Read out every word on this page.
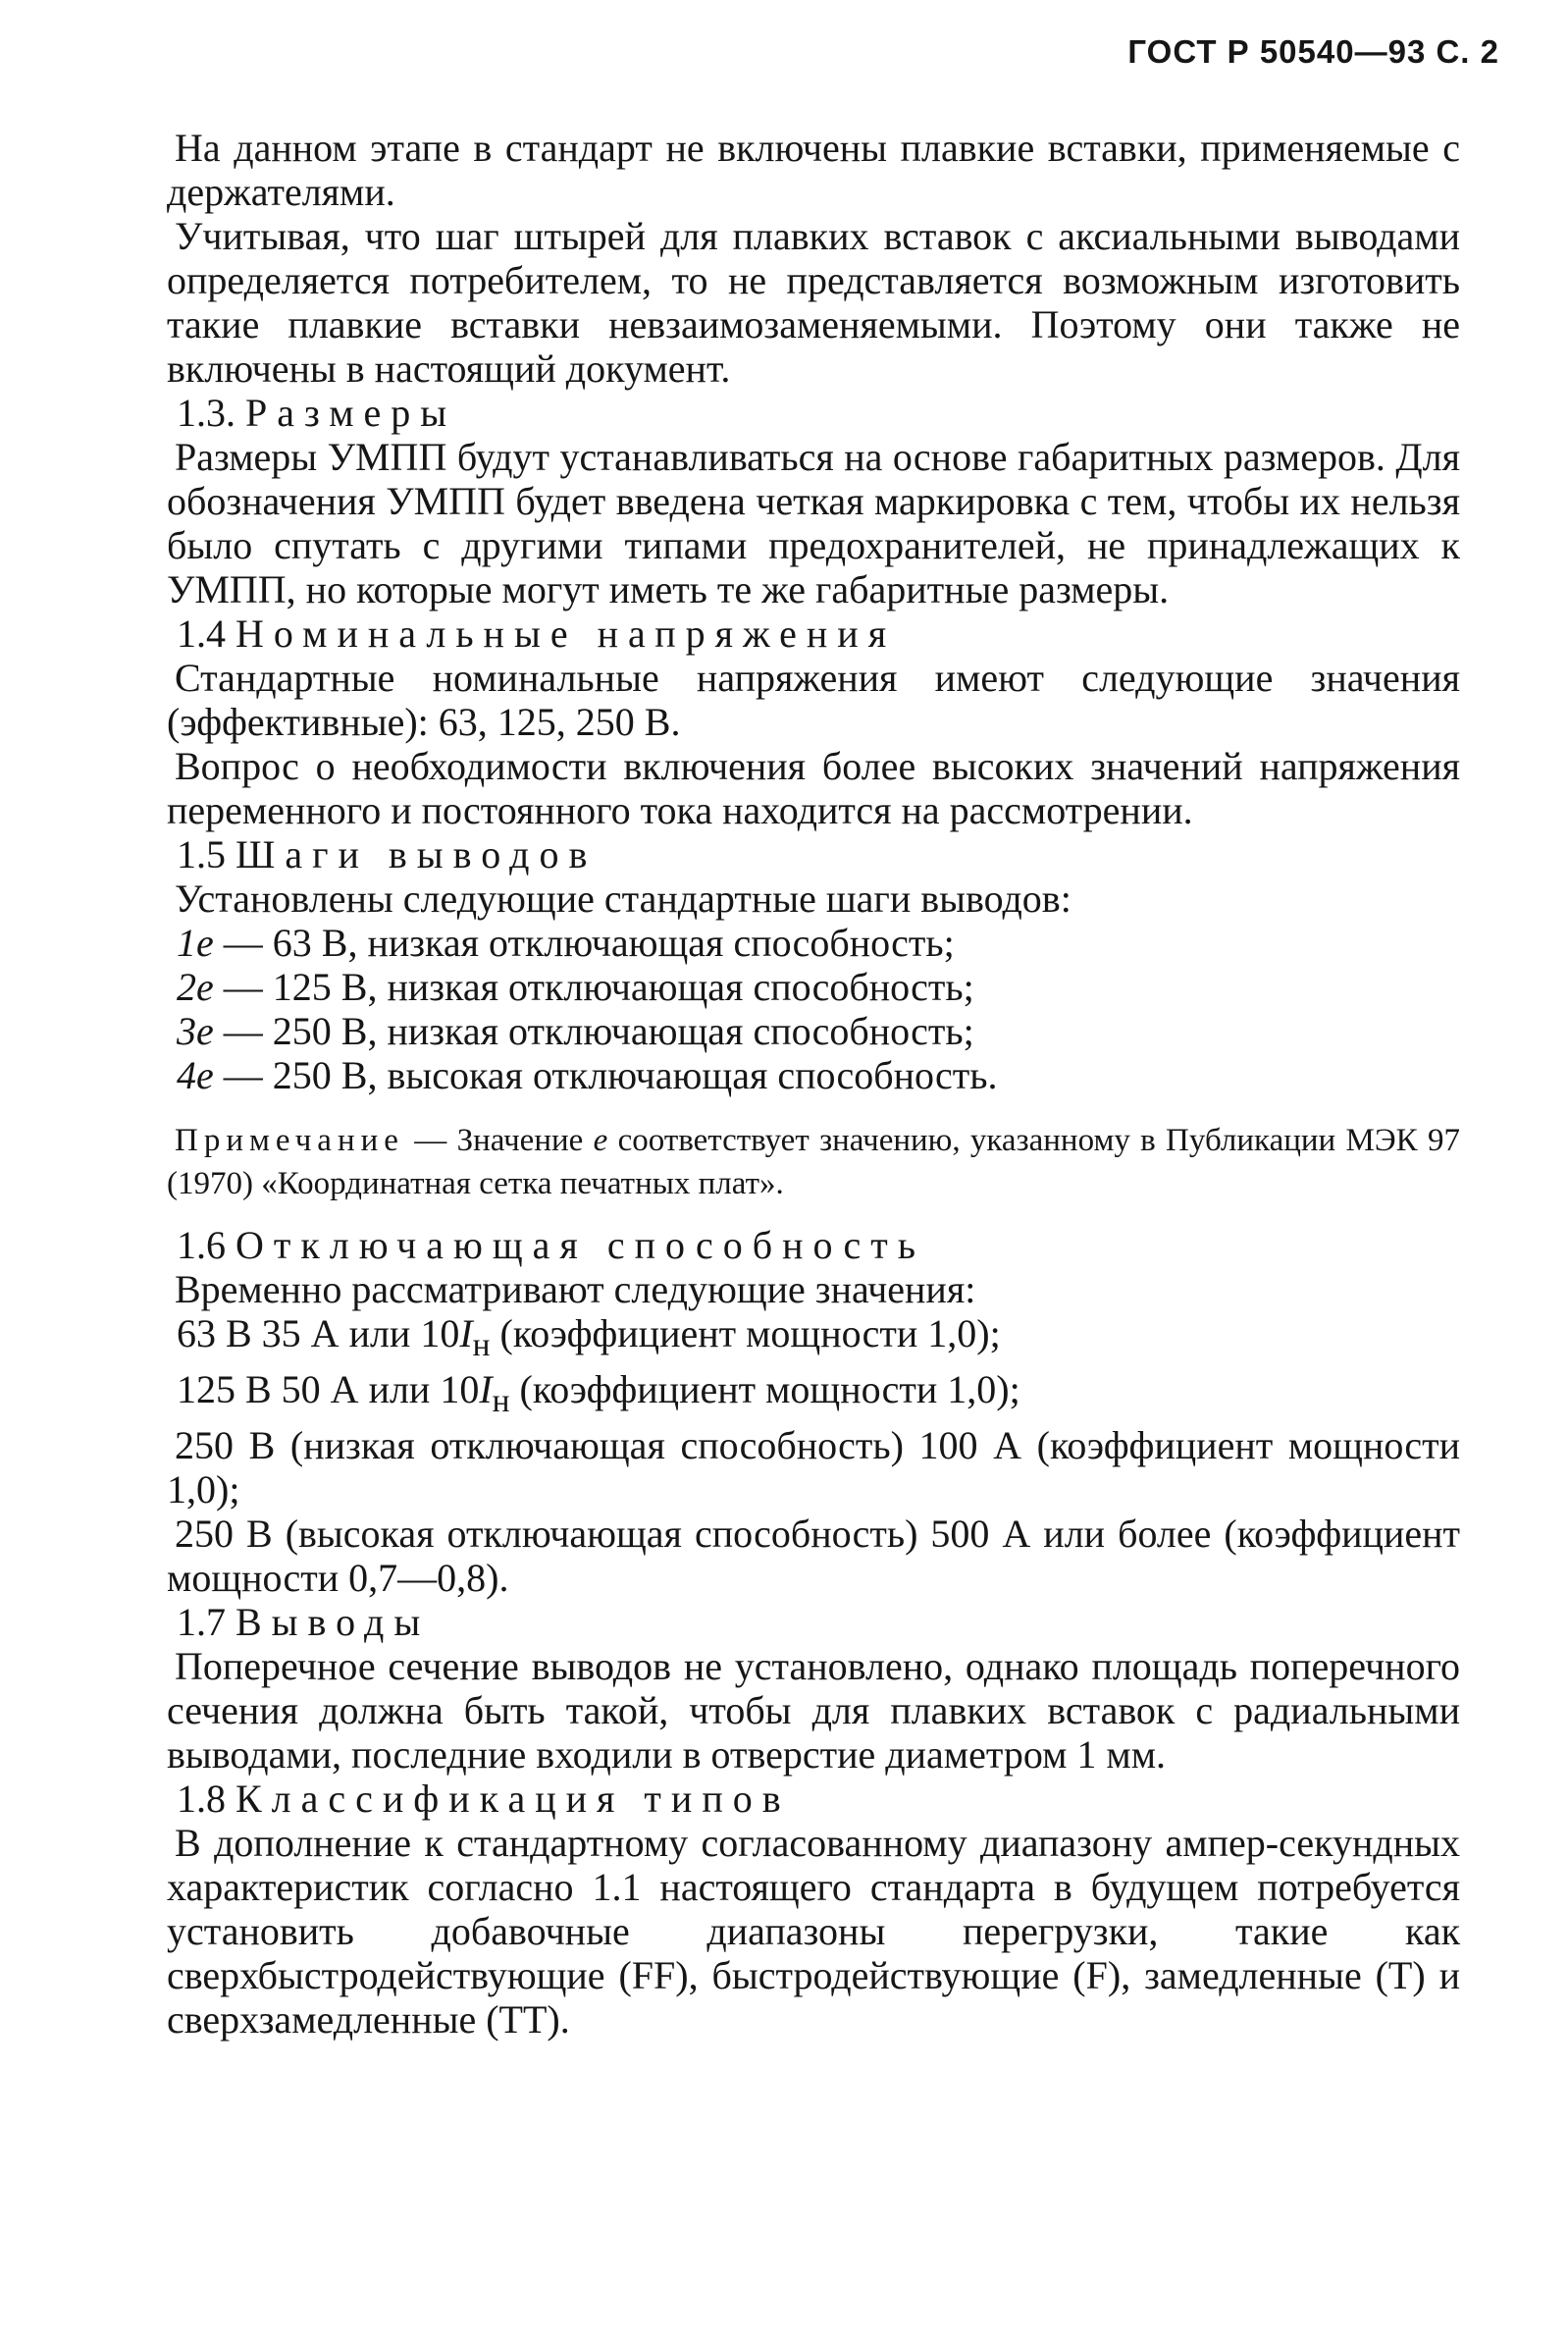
ГОСТ Р 50540—93 С. 2

На данном этапе в стандарт не включены плавкие вставки, применяемые с держателями.

Учитывая, что шаг штырей для плавких вставок с аксиальными выводами определяется потребителем, то не представляется возможным изготовить такие плавкие вставки невзаимозаменяемыми. Поэтому они также не включены в настоящий документ.

1.3. Размеры

Размеры УМПП будут устанавливаться на основе габаритных размеров. Для обозначения УМПП будет введена четкая маркировка с тем, чтобы их нельзя было спутать с другими типами предохранителей, не принадлежащих к УМПП, но которые могут иметь те же габаритные размеры.

1.4 Номинальные напряжения

Стандартные номинальные напряжения имеют следующие значения (эффективные): 63, 125, 250 В.

Вопрос о необходимости включения более высоких значений напряжения переменного и постоянного тока находится на рассмотрении.

1.5 Шаги выводов

Установлены следующие стандартные шаги выводов:

1e — 63 В, низкая отключающая способность;

2e — 125 В, низкая отключающая способность;

3e — 250 В, низкая отключающая способность;

4e — 250 В, высокая отключающая способность.

Примечание — Значение e соответствует значению, указанному в Публикации МЭК 97 (1970) «Координатная сетка печатных плат».

1.6 Отключающая способность

Временно рассматривают следующие значения:

63 В 35 А или $10I_н$ (коэффициент мощности 1,0);

125 В 50 А или $10I_н$ (коэффициент мощности 1,0);

250 В (низкая отключающая способность) 100 А (коэффициент мощности 1,0);

250 В (высокая отключающая способность) 500 А или более (коэффициент мощности 0,7—0,8).

1.7 Выводы

Поперечное сечение выводов не установлено, однако площадь поперечного сечения должна быть такой, чтобы для плавких вставок с радиальными выводами, последние входили в отверстие диаметром 1 мм.

1.8 Классификация типов

В дополнение к стандартному согласованному диапазону ампер-секундных характеристик согласно 1.1 настоящего стандарта в будущем потребуется установить добавочные диапазоны перегрузки, такие как сверхбыстродействующие (FF), быстродействующие (F), замедленные (T) и сверхзамедленные (TT).
